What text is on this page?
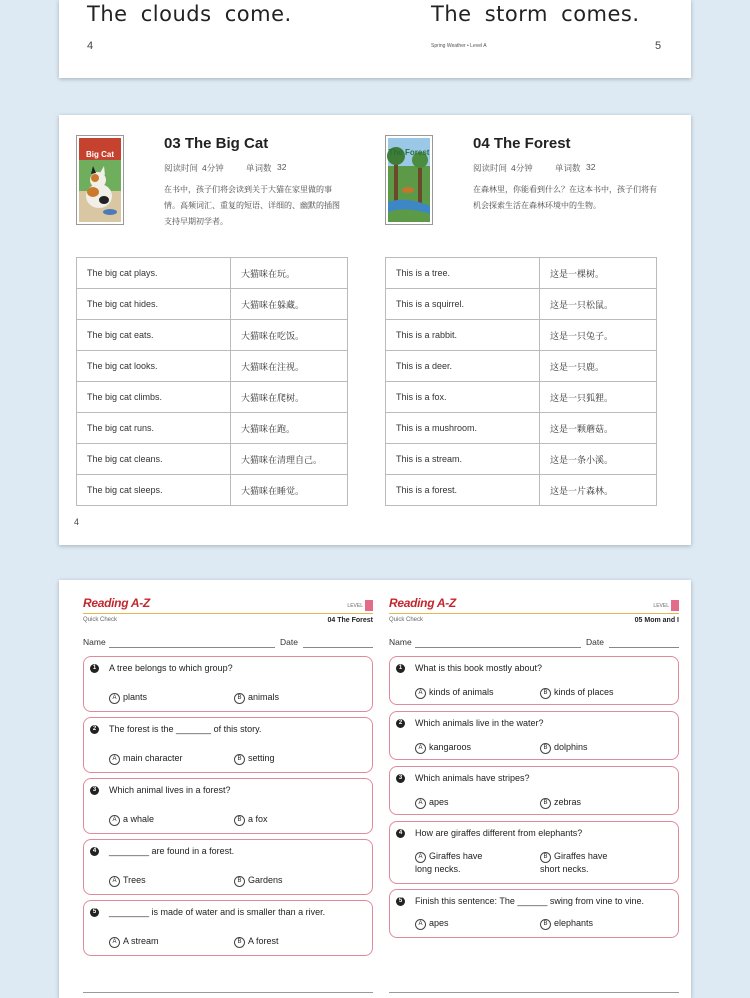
The clouds come.	The storm comes.
4	Spring Weather • Level A	5
Big Cat
03 The Big Cat
阅读时间 4分钟	单词数 32
在书中，孩子们将会读到关于大猫在家里做的事情。高频词汇、重复的短语、详细的、幽默的插图支持早期初学者。
The big cat plays.	大猫咪在玩。
The big cat hides.	大猫咪在躲藏。
The big cat eats.	大猫咪在吃饭。
The big cat looks.	大猫咪在注视。
The big cat climbs.	大猫咪在爬树。
The big cat runs.	大猫咪在跑。
The big cat cleans.	大猫咪在清理自己。
The big cat sleeps.	大猫咪在睡觉。
The Forest
04 The Forest
阅读时间 4分钟	单词数 32
在森林里，你能看到什么？在这本书中，孩子们将有机会探索生活在森林环境中的生物。
This is a tree.	这是一棵树。
This is a squirrel.	这是一只松鼠。
This is a rabbit.	这是一只兔子。
This is a deer.	这是一只鹿。
This is a fox.	这是一只狐狸。
This is a mushroom.	这是一颗蘑菇。
This is a stream.	这是一条小溪。
This is a forest.	这是一片森林。
4
Reading A-Z	LEVEL
Quick Check	04 The Forest
Name	Date
1	A tree belongs to which group?
A plants	B animals
2	The forest is the _______ of this story.
A main character	B setting
3	Which animal lives in a forest?
A a whale	B a fox
4	________ are found in a forest.
A Trees	B Gardens
5	________ is made of water and is smaller than a river.
A A stream	B A forest
Reading A-Z	LEVEL
Quick Check	05 Mom and I
Name	Date
1	What is this book mostly about?
A kinds of animals	B kinds of places
2	Which animals live in the water?
A kangaroos	B dolphins
3	Which animals have stripes?
A apes	B zebras
4	How are giraffes different from elephants?
A Giraffes have long necks.
B Giraffes have short necks.
5	Finish this sentence: The ______ swing from vine to vine.
A apes	B elephants
